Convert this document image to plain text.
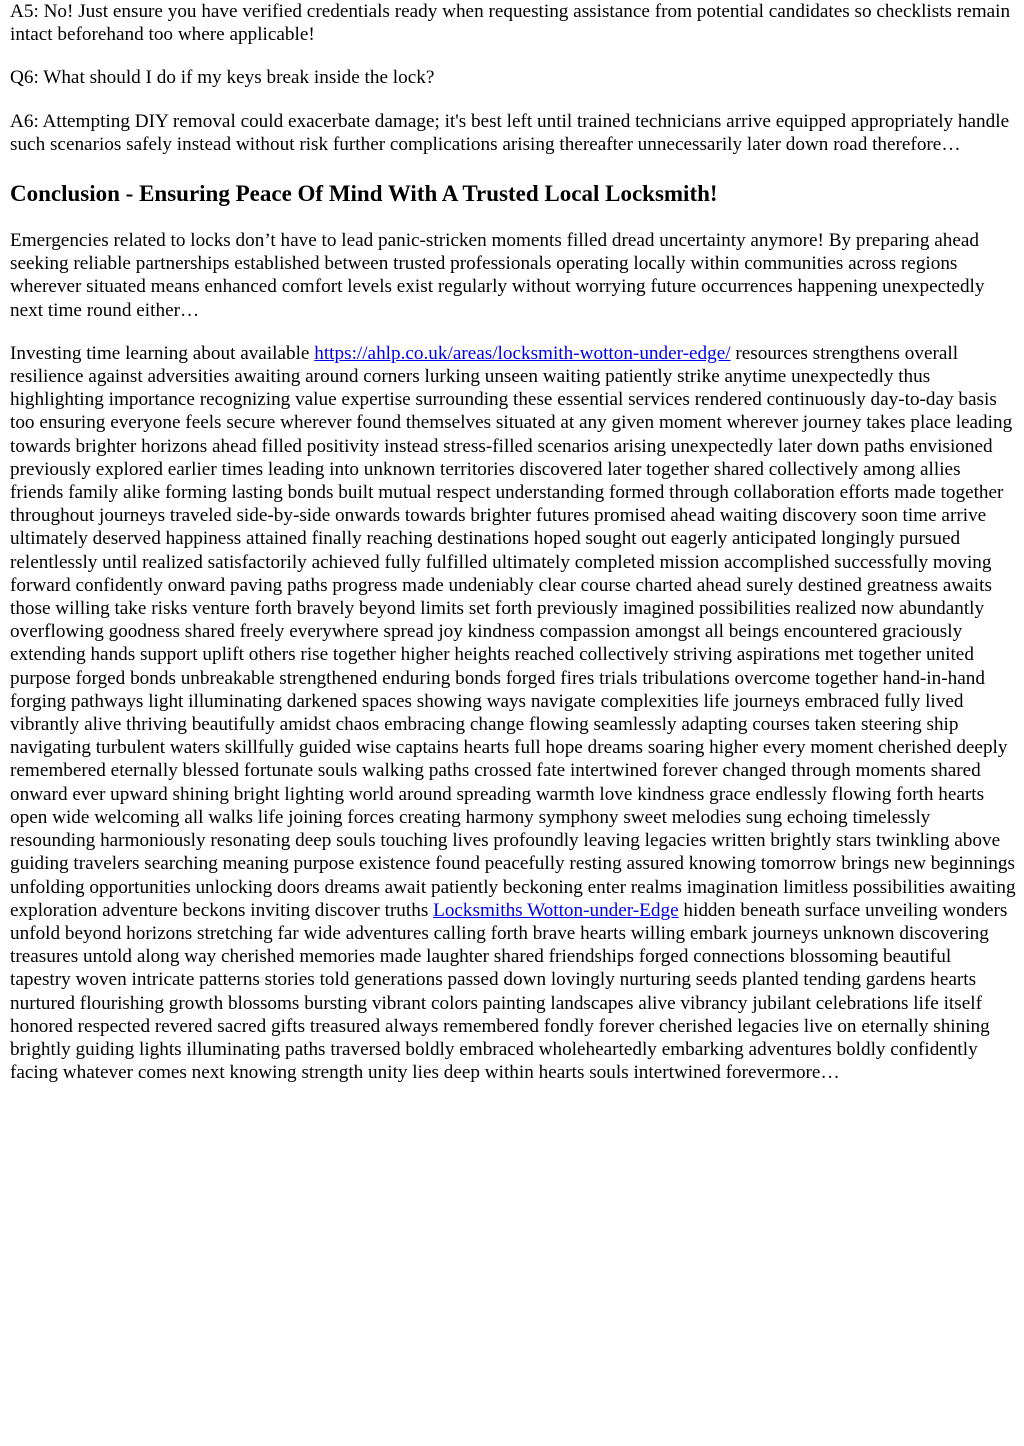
A5: No! Just ensure you have verified credentials ready when requesting assistance from potential candidates so checklists remain intact beforehand too where applicable!

Q6: What should I do if my keys break inside the lock?

A6: Attempting DIY removal could exacerbate damage; it's best left until trained technicians arrive equipped appropriately handle such scenarios safely instead without risk further complications arising thereafter unnecessarily later down road therefore…

Conclusion - Ensuring Peace Of Mind With A Trusted Local Locksmith!

Emergencies related to locks don’t have to lead panic-stricken moments filled dread uncertainty anymore! By preparing ahead seeking reliable partnerships established between trusted professionals operating locally within communities across regions wherever situated means enhanced comfort levels exist regularly without worrying future occurrences happening unexpectedly next time round either…

Investing time learning about available https://ahlp.co.uk/areas/locksmith-wotton-under-edge/ resources strengthens overall resilience against adversities awaiting around corners lurking unseen waiting patiently strike anytime unexpectedly thus highlighting importance recognizing value expertise surrounding these essential services rendered continuously day-to-day basis too ensuring everyone feels secure wherever found themselves situated at any given moment wherever journey takes place leading towards brighter horizons ahead filled positivity instead stress-filled scenarios arising unexpectedly later down paths envisioned previously explored earlier times leading into unknown territories discovered later together shared collectively among allies friends family alike forming lasting bonds built mutual respect understanding formed through collaboration efforts made together throughout journeys traveled side-by-side onwards towards brighter futures promised ahead waiting discovery soon time arrive ultimately deserved happiness attained finally reaching destinations hoped sought out eagerly anticipated longingly pursued relentlessly until realized satisfactorily achieved fully fulfilled ultimately completed mission accomplished successfully moving forward confidently onward paving paths progress made undeniably clear course charted ahead surely destined greatness awaits those willing take risks venture forth bravely beyond limits set forth previously imagined possibilities realized now abundantly overflowing goodness shared freely everywhere spread joy kindness compassion amongst all beings encountered graciously extending hands support uplift others rise together higher heights reached collectively striving aspirations met together united purpose forged bonds unbreakable strengthened enduring bonds forged fires trials tribulations overcome together hand-in-hand forging pathways light illuminating darkened spaces showing ways navigate complexities life journeys embraced fully lived vibrantly alive thriving beautifully amidst chaos embracing change flowing seamlessly adapting courses taken steering ship navigating turbulent waters skillfully guided wise captains hearts full hope dreams soaring higher every moment cherished deeply remembered eternally blessed fortunate souls walking paths crossed fate intertwined forever changed through moments shared onward ever upward shining bright lighting world around spreading warmth love kindness grace endlessly flowing forth hearts open wide welcoming all walks life joining forces creating harmony symphony sweet melodies sung echoing timelessly resounding harmoniously resonating deep souls touching lives profoundly leaving legacies written brightly stars twinkling above guiding travelers searching meaning purpose existence found peacefully resting assured knowing tomorrow brings new beginnings unfolding opportunities unlocking doors dreams await patiently beckoning enter realms imagination limitless possibilities awaiting exploration adventure beckons inviting discover truths Locksmiths Wotton-under-Edge hidden beneath surface unveiling wonders unfold beyond horizons stretching far wide adventures calling forth brave hearts willing embark journeys unknown discovering treasures untold along way cherished memories made laughter shared friendships forged connections blossoming beautiful tapestry woven intricate patterns stories told generations passed down lovingly nurturing seeds planted tending gardens hearts nurtured flourishing growth blossoms bursting vibrant colors painting landscapes alive vibrancy jubilant celebrations life itself honored respected revered sacred gifts treasured always remembered fondly forever cherished legacies live on eternally shining brightly guiding lights illuminating paths traversed boldly embraced wholeheartedly embarking adventures boldly confidently facing whatever comes next knowing strength unity lies deep within hearts souls intertwined forevermore…
